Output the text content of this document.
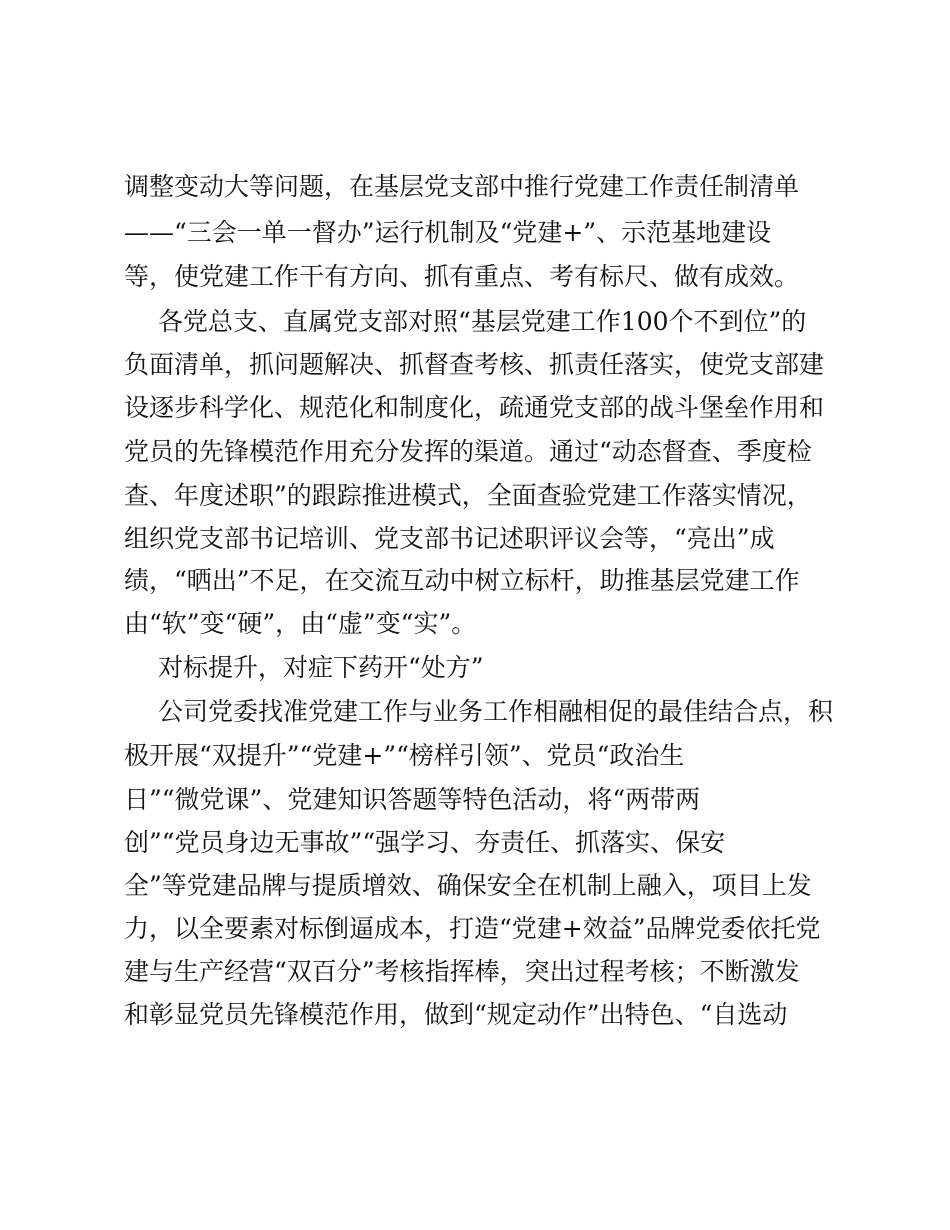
调整变动大等问题，在基层党支部中推行党建工作责任制清单
——“三会一单一督办”运行机制及“党建+”、示范基地建设
等，使党建工作干有方向、抓有重点、考有标尺、做有成效。
各党总支、直属党支部对照“基层党建工作100个不到位”的
负面清单，抓问题解决、抓督查考核、抓责任落实，使党支部建
设逐步科学化、规范化和制度化，疏通党支部的战斗堡垒作用和
党员的先锋模范作用充分发挥的渠道。通过“动态督查、季度检
查、年度述职”的跟踪推进模式，全面查验党建工作落实情况，
组织党支部书记培训、党支部书记述职评议会等，“亮出”成
绩，“晒出”不足，在交流互动中树立标杆，助推基层党建工作
由“软”变“硬”，由“虚”变“实”。
对标提升，对症下药开“处方”
公司党委找准党建工作与业务工作相融相促的最佳结合点，积
极开展“双提升”“党建+”“榜样引领”、党员“政治生
日”“微党课”、党建知识答题等特色活动，将“两带两
创”“党员身边无事故”“强学习、夯责任、抓落实、保安
全”等党建品牌与提质增效、确保安全在机制上融入，项目上发
力，以全要素对标倒逼成本，打造“党建+效益”品牌党委依托党
建与生产经营“双百分”考核指挥棒，突出过程考核；不断激发
和彰显党员先锋模范作用，做到“规定动作”出特色、“自选动
